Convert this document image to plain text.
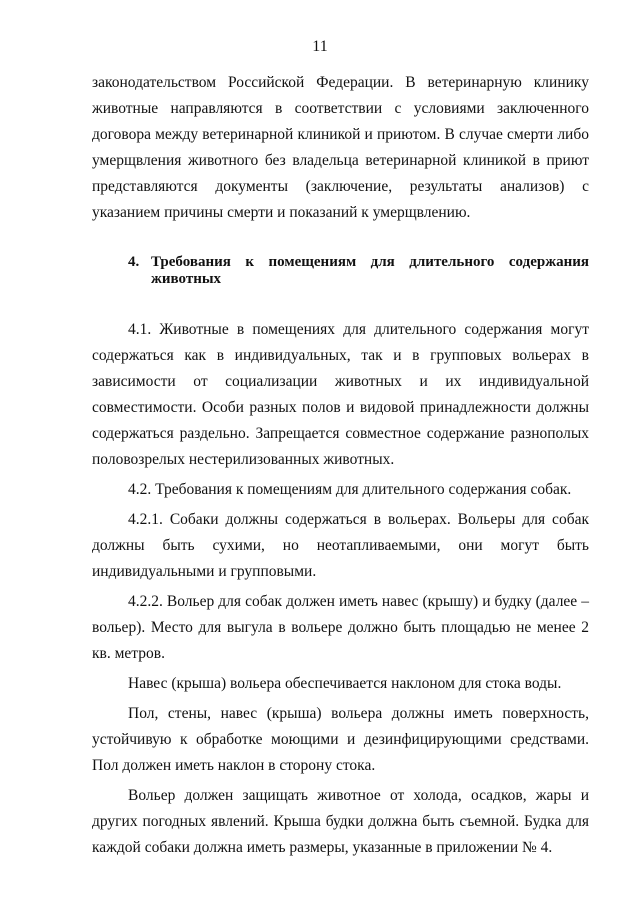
11

законодательством Российской Федерации. В ветеринарную клинику животные направляются в соответствии с условиями заключенного договора между ветеринарной клиникой и приютом. В случае смерти либо умерщвления животного без владельца ветеринарной клиникой в приют представляются документы (заключение, результаты анализов) с указанием причины смерти и показаний к умерщвлению.

4. Требования к помещениям для длительного содержания животных

4.1. Животные в помещениях для длительного содержания могут содержаться как в индивидуальных, так и в групповых вольерах в зависимости от социализации животных и их индивидуальной совместимости. Особи разных полов и видовой принадлежности должны содержаться раздельно. Запрещается совместное содержание разнополых половозрелых нестерилизованных животных.

4.2. Требования к помещениям для длительного содержания собак.

4.2.1. Собаки должны содержаться в вольерах. Вольеры для собак должны быть сухими, но неотапливаемыми, они могут быть индивидуальными и групповыми.

4.2.2. Вольер для собак должен иметь навес (крышу) и будку (далее – вольер). Место для выгула в вольере должно быть площадью не менее 2 кв. метров.

Навес (крыша) вольера обеспечивается наклоном для стока воды.

Пол, стены, навес (крыша) вольера должны иметь поверхность, устойчивую к обработке моющими и дезинфицирующими средствами. Пол должен иметь наклон в сторону стока.

Вольер должен защищать животное от холода, осадков, жары и других погодных явлений. Крыша будки должна быть съемной. Будка для каждой собаки должна иметь размеры, указанные в приложении № 4.
